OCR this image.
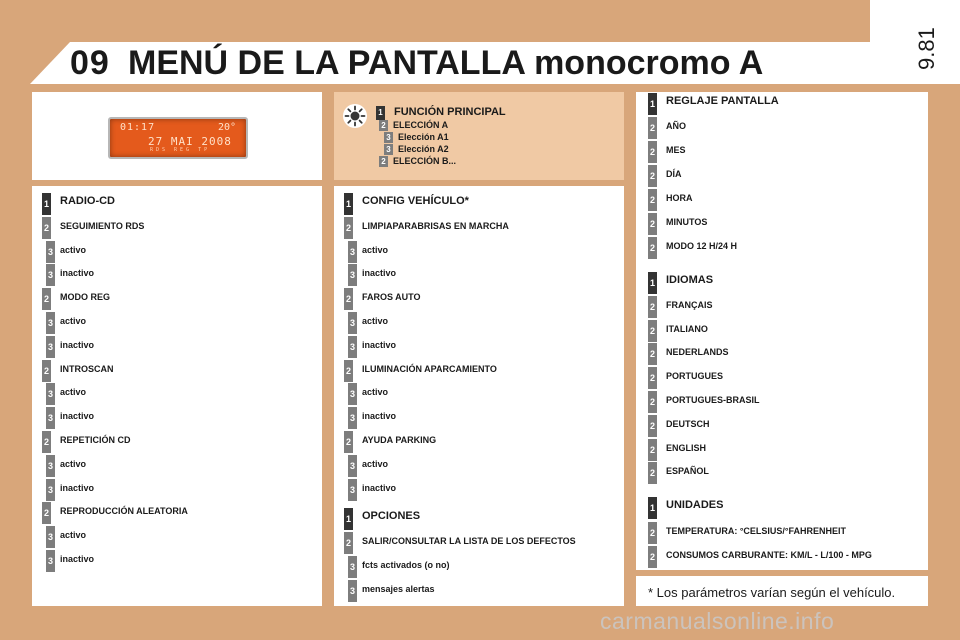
09 MENÚ DE LA PANTALLA monocromo A	9.81
01:17	20°
27 MAI 2008
RDS REG TP
1 FUNCIÓN PRINCIPAL
2 ELECCIÓN A
3 Elección A1
3 Elección A2
2 ELECCIÓN B...
1 RADIO-CD
2 SEGUIMIENTO RDS
3 activo
3 inactivo
2 MODO REG
3 activo
3 inactivo
2 INTROSCAN
3 activo
3 inactivo
2 REPETICIÓN CD
3 activo
3 inactivo
2 REPRODUCCIÓN ALEATORIA
3 activo
3 inactivo
1 CONFIG VEHÍCULO*
2 LIMPIAPARABRISAS EN MARCHA
3 activo
3 inactivo
2 FAROS AUTO
3 activo
3 inactivo
2 ILUMINACIÓN APARCAMIENTO
3 activo
3 inactivo
2 AYUDA PARKING
3 activo
3 inactivo
1 OPCIONES
2 SALIR/CONSULTAR LA LISTA DE LOS DEFECTOS
3 fcts activados (o no)
3 mensajes alertas
1 REGLAJE PANTALLA
2 AÑO
2 MES
2 DÍA
2 HORA
2 MINUTOS
2 MODO 12 H/24 H
1 IDIOMAS
2 FRANÇAIS
2 ITALIANO
2 NEDERLANDS
2 PORTUGUES
2 PORTUGUES-BRASIL
2 DEUTSCH
2 ENGLISH
2 ESPAÑOL
1 UNIDADES
2 TEMPERATURA: °CELSIUS/°FAHRENHEIT
2 CONSUMOS CARBURANTE: KM/L - L/100 - MPG
* Los parámetros varían según el vehículo.
carmanualsonline.info
